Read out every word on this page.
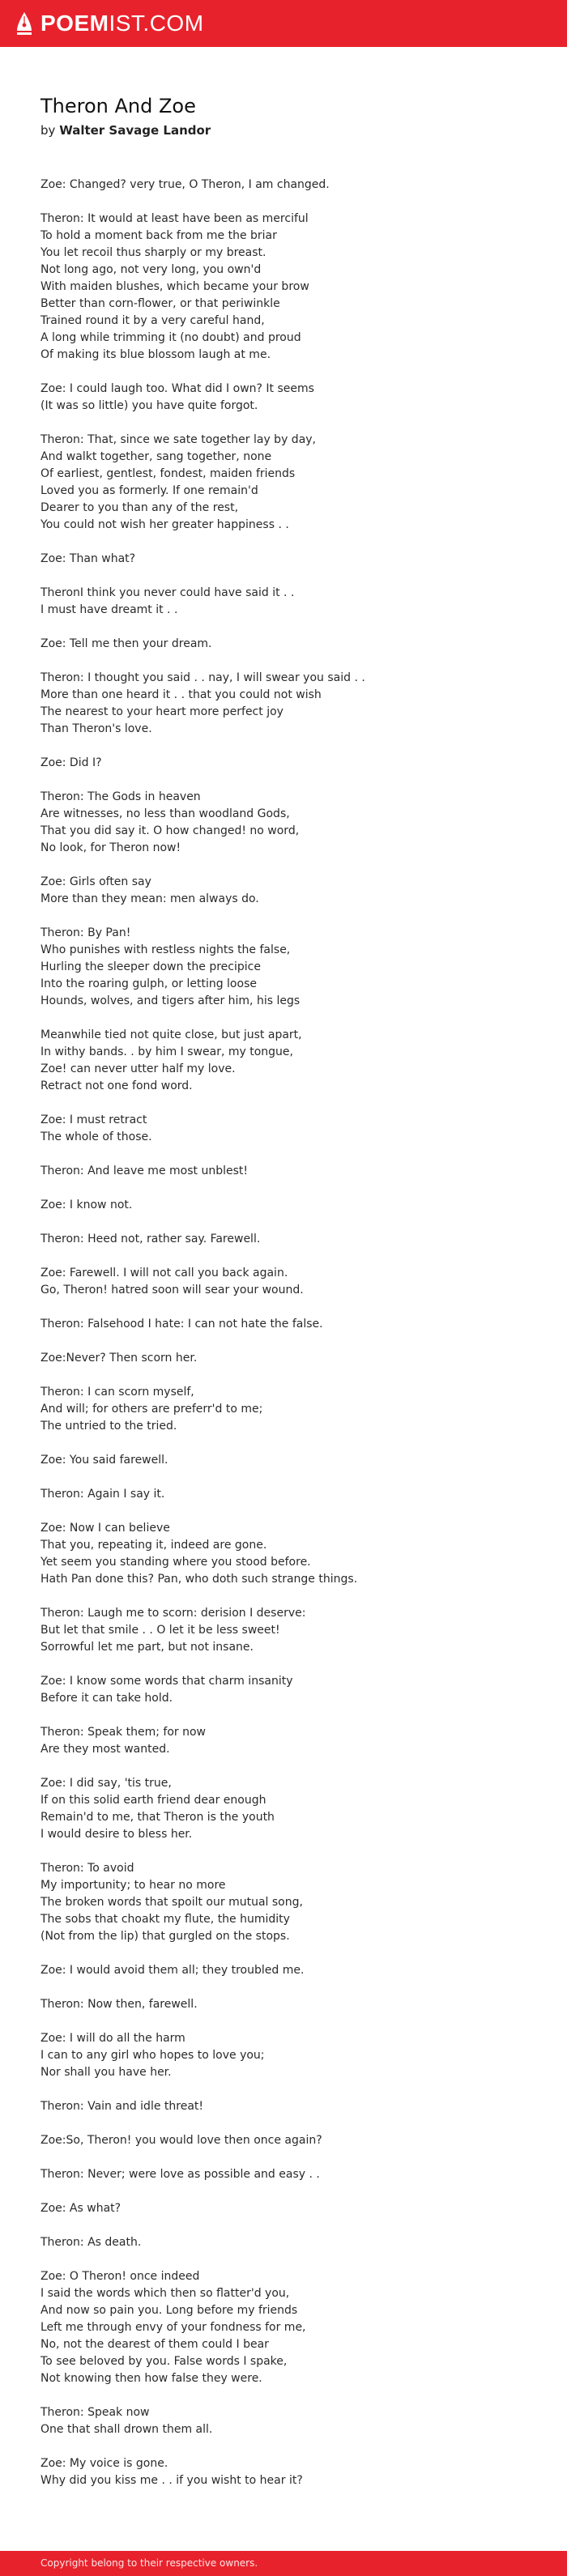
POEMIST.COM
Theron And Zoe

by Walter Savage Landor

Zoe: Changed? very true, O Theron, I am changed.
Theron: It would at least have been as merciful
To hold a moment back from me the briar
You let recoil thus sharply or my breast.
Not long ago, not very long, you own'd
With maiden blushes, which became your brow
Better than corn-flower, or that periwinkle
Trained round it by a very careful hand,
A long while trimming it (no doubt) and proud
Of making its blue blossom laugh at me.
Zoe: I could laugh too. What did I own? It seems
(It was so little) you have quite forgot.
Theron: That, since we sate together lay by day,
And walkt together, sang together, none
Of earliest, gentlest, fondest, maiden friends
Loved you as formerly. If one remain'd
Dearer to you than any of the rest,
You could not wish her greater happiness . .
Zoe: Than what?
TheronI think you never could have said it . .
I must have dreamt it . .
Zoe: Tell me then your dream.
Theron: I thought you said . . nay, I will swear you said . .
More than one heard it . . that you could not wish
The nearest to your heart more perfect joy
Than Theron's love.
Zoe: Did I?
Theron: The Gods in heaven
Are witnesses, no less than woodland Gods,
That you did say it. O how changed! no word,
No look, for Theron now!
Zoe: Girls often say
More than they mean: men always do.
Theron: By Pan!
Who punishes with restless nights the false,
Hurling the sleeper down the precipice
Into the roaring gulph, or letting loose
Hounds, wolves, and tigers after him, his legs
Meanwhile tied not quite close, but just apart,
In withy bands. . by him I swear, my tongue,
Zoe! can never utter half my love.
Retract not one fond word.
Zoe: I must retract
The whole of those.
Theron: And leave me most unblest!
Zoe: I know not.
Theron: Heed not, rather say. Farewell.
Zoe: Farewell. I will not call you back again.
Go, Theron! hatred soon will sear your wound.
Theron: Falsehood I hate: I can not hate the false.
Zoe:Never? Then scorn her.
Theron: I can scorn myself,
And will; for others are preferr'd to me;
The untried to the tried.
Zoe: You said farewell.
Theron: Again I say it.
Zoe: Now I can believe
That you, repeating it, indeed are gone.
Yet seem you standing where you stood before.
Hath Pan done this? Pan, who doth such strange things.
Theron: Laugh me to scorn: derision I deserve:
But let that smile . . O let it be less sweet!
Sorrowful let me part, but not insane.
Zoe: I know some words that charm insanity
Before it can take hold.
Theron: Speak them; for now
Are they most wanted.
Zoe: I did say, 'tis true,
If on this solid earth friend dear enough
Remain'd to me, that Theron is the youth
I would desire to bless her.
Theron: To avoid
My importunity; to hear no more
The broken words that spoilt our mutual song,
The sobs that choakt my flute, the humidity
(Not from the lip) that gurgled on the stops.
Zoe: I would avoid them all; they troubled me.
Theron: Now then, farewell.
Zoe: I will do all the harm
I can to any girl who hopes to love you;
Nor shall you have her.
Theron: Vain and idle threat!
Zoe:So, Theron! you would love then once again?
Theron: Never; were love as possible and easy . .
Zoe: As what?
Theron: As death.
Zoe: O Theron! once indeed
I said the words which then so flatter'd you,
And now so pain you. Long before my friends
Left me through envy of your fondness for me,
No, not the dearest of them could I bear
To see beloved by you. False words I spake,
Not knowing then how false they were.
Theron: Speak now
One that shall drown them all.
Zoe: My voice is gone.
Why did you kiss me . . if you wisht to hear it?
Copyright belong to their respective owners.
